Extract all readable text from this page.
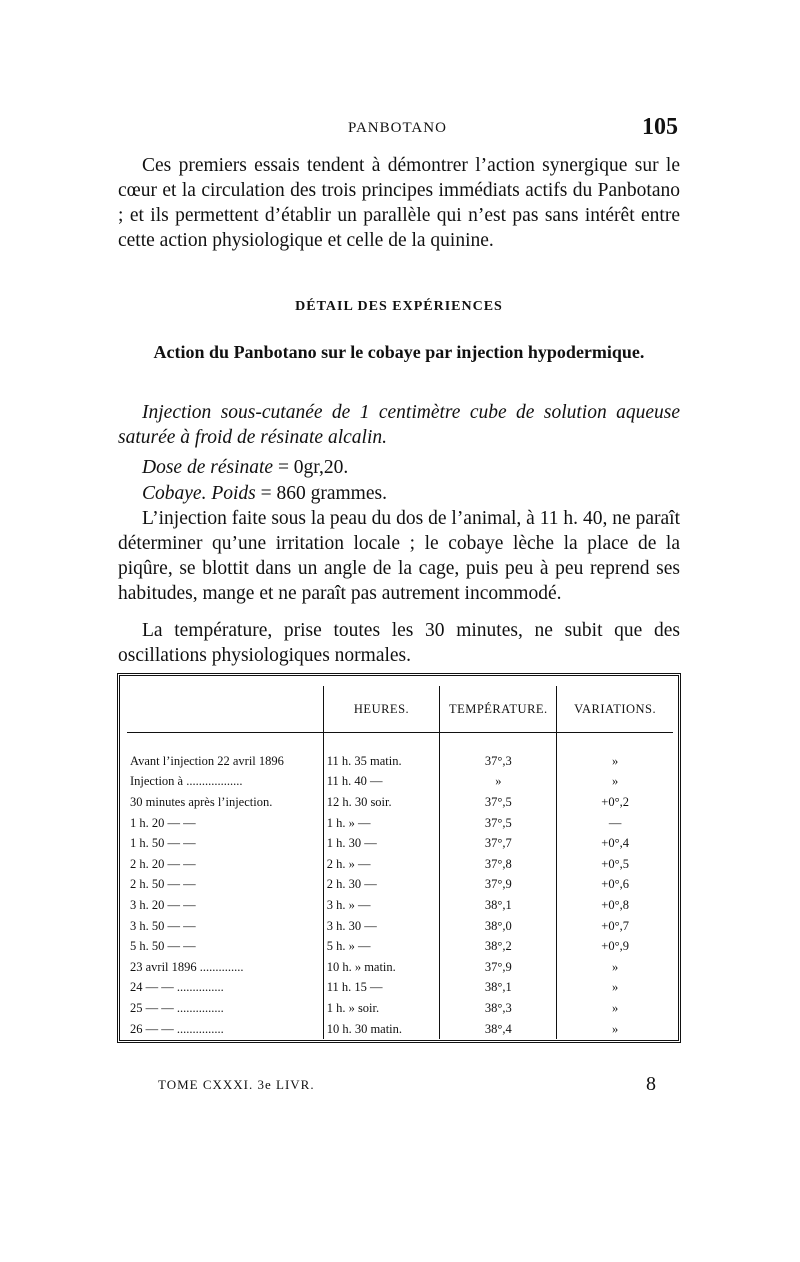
PANBOTANO	105

Ces premiers essais tendent à démontrer l’action synergique sur le cœur et la circulation des trois principes immédiats actifs du Panbotano ; et ils permettent d’établir un parallèle qui n’est pas sans intérêt entre cette action physiologique et celle de la quinine.

DÉTAIL DES EXPÉRIENCES

Action du Panbotano sur le cobaye par injection hypodermique.

Injection sous-cutanée de 1 centimètre cube de solution aqueuse saturée à froid de résinate alcalin.

Dose de résinate = 0gr,20.

Cobaye. Poids = 860 grammes.

L’injection faite sous la peau du dos de l’animal, à 11 h. 40, ne paraît déterminer qu’une irritation locale ; le cobaye lèche la place de la piqûre, se blottit dans un angle de la cage, puis peu à peu reprend ses habitudes, mange et ne paraît pas autrement incommodé.

La température, prise toutes les 30 minutes, ne subit que des oscillations physiologiques normales.

	HEURES.	TEMPÉRATURE.	VARIATIONS.

Avant l’injection 22 avril 1896	11 h. 35 matin.	37°,3	»
Injection à ..................	11 h. 40 —	»	»
30 minutes après l’injection.	12 h. 30 soir.	37°,5	+0°,2
1 h. 20 — —	1 h. » —	37°,5	—
1 h. 50 — —	1 h. 30 —	37°,7	+0°,4
2 h. 20 — —	2 h. » —	37°,8	+0°,5
2 h. 50 — —	2 h. 30 —	37°,9	+0°,6
3 h. 20 — —	3 h. » —	38°,1	+0°,8
3 h. 50 — —	3 h. 30 —	38°,0	+0°,7
5 h. 50 — —	5 h. » —	38°,2	+0°,9
23 avril 1896 ..............	10 h. » matin.	37°,9	»
24 — — ...............	11 h. 15 —	38°,1	»
25 — — ...............	1 h. » soir.	38°,3	»
26 — — ...............	10 h. 30 matin.	38°,4	»
TOME CXXXI. 3e LIVR.	8
